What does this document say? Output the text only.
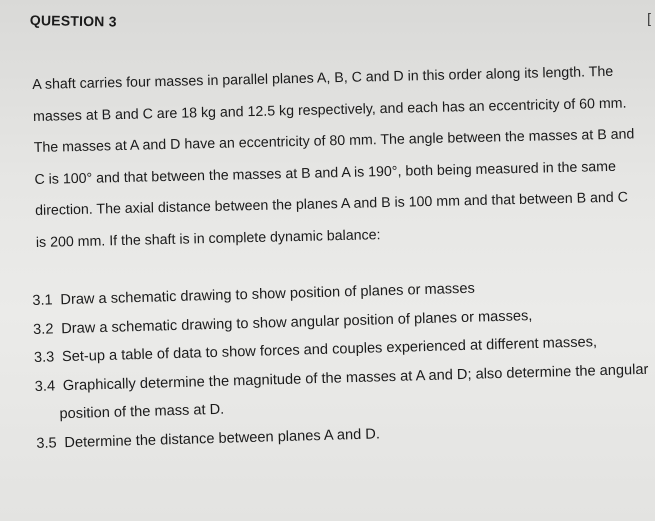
QUESTION 3	[
A shaft carries four masses in parallel planes A, B, C and D in this order along its length. The
masses at B and C are 18 kg and 12.5 kg respectively, and each has an eccentricity of 60 mm.
The masses at A and D have an eccentricity of 80 mm. The angle between the masses at B and
C is 100° and that between the masses at B and A is 190°, both being measured in the same
direction. The axial distance between the planes A and B is 100 mm and that between B and C
is 200 mm. If the shaft is in complete dynamic balance:
3.1 Draw a schematic drawing to show position of planes or masses
3.2 Draw a schematic drawing to show angular position of planes or masses,
3.3 Set-up a table of data to show forces and couples experienced at different masses,
3.4 Graphically determine the magnitude of the masses at A and D; also determine the angular
position of the mass at D.
3.5 Determine the distance between planes A and D.
